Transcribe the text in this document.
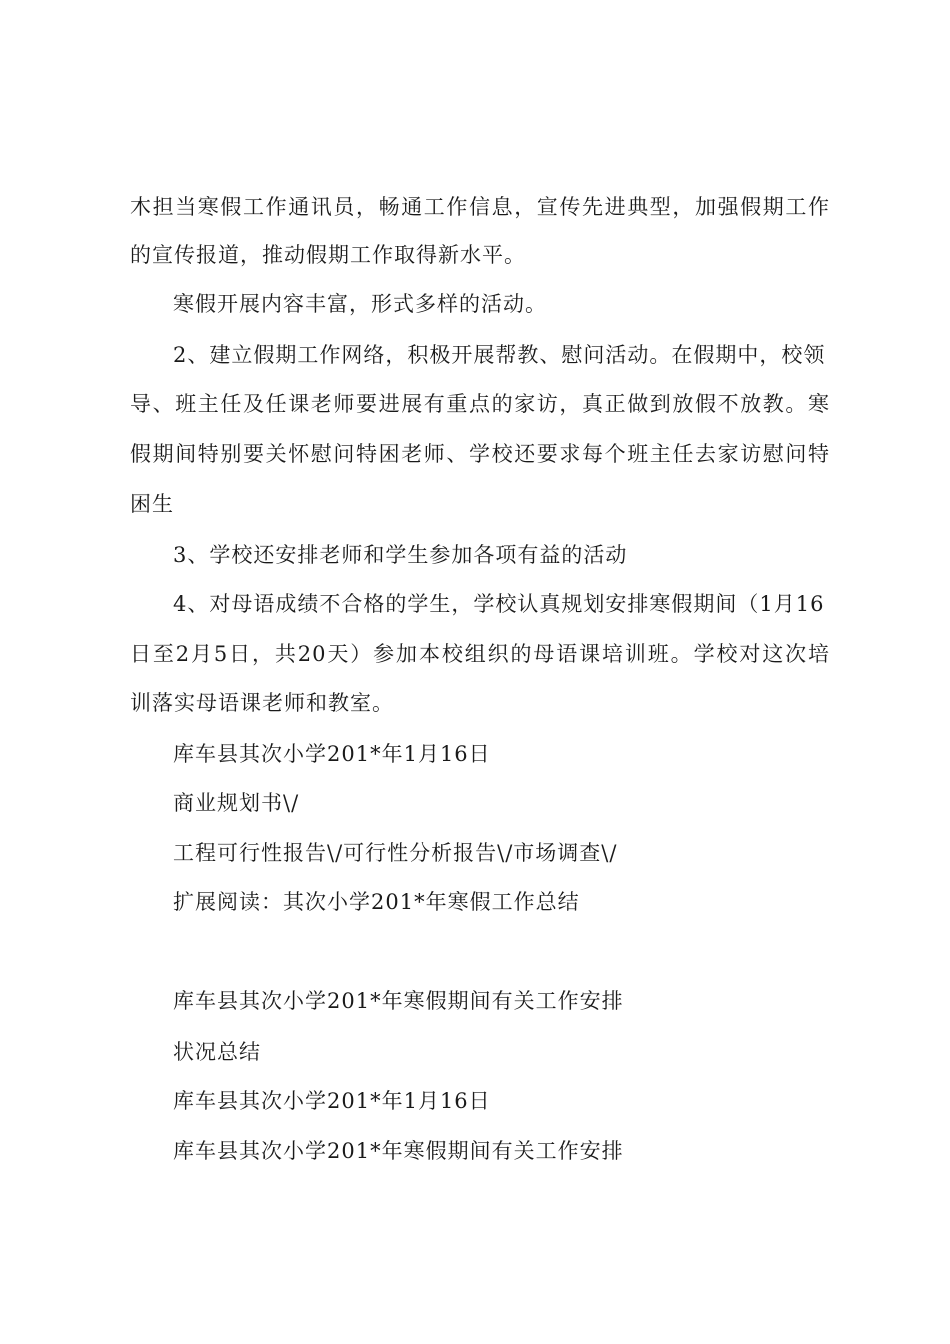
木担当寒假工作通讯员，畅通工作信息，宣传先进典型，加强假期工作
的宣传报道，推动假期工作取得新水平。
寒假开展内容丰富，形式多样的活动。
2、建立假期工作网络，积极开展帮教、慰问活动。在假期中，校领
导、班主任及任课老师要进展有重点的家访，真正做到放假不放教。寒
假期间特别要关怀慰问特困老师、学校还要求每个班主任去家访慰问特
困生
3、学校还安排老师和学生参加各项有益的活动
4、对母语成绩不合格的学生，学校认真规划安排寒假期间（1月16
日至2月5日，共20天）参加本校组织的母语课培训班。学校对这次培
训落实母语课老师和教室。
库车县其次小学201*年1月16日
商业规划书\/
工程可行性报告\/可行性分析报告\/市场调查\/
扩展阅读：其次小学201*年寒假工作总结
库车县其次小学201*年寒假期间有关工作安排
状况总结
库车县其次小学201*年1月16日
库车县其次小学201*年寒假期间有关工作安排
